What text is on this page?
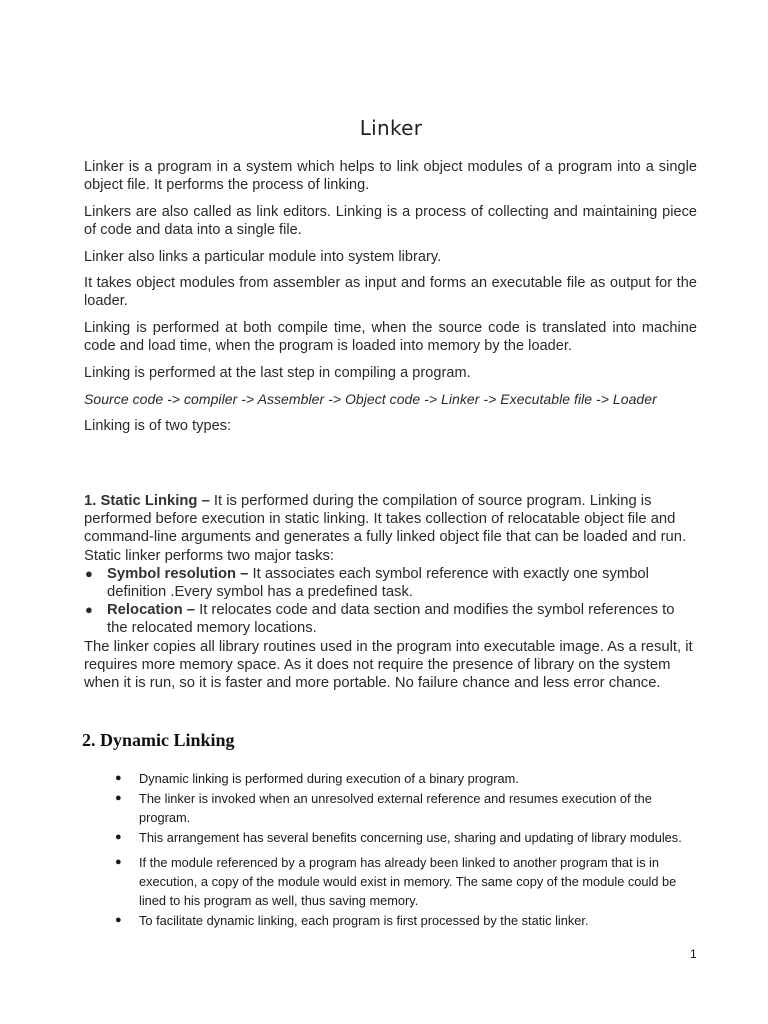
Linker

Linker is a program in a system which helps to link object modules of a program into a single object file. It performs the process of linking.

Linkers are also called as link editors. Linking is a process of collecting and maintaining piece of code and data into a single file.

Linker also links a particular module into system library.

It takes object modules from assembler as input and forms an executable file as output for the loader.

Linking is performed at both compile time, when the source code is translated into machine code and load time, when the program is loaded into memory by the loader.

Linking is performed at the last step in compiling a program.

Source code -> compiler -> Assembler -> Object code -> Linker -> Executable file -> Loader

Linking is of two types:

1. Static Linking – It is performed during the compilation of source program. Linking is performed before execution in static linking. It takes collection of relocatable object file and command-line arguments and generates a fully linked object file that can be loaded and run. Static linker performs two major tasks:
● Symbol resolution – It associates each symbol reference with exactly one symbol definition .Every symbol has a predefined task.
● Relocation – It relocates code and data section and modifies the symbol references to the relocated memory locations.
The linker copies all library routines used in the program into executable image. As a result, it requires more memory space. As it does not require the presence of library on the system when it is run, so it is faster and more portable. No failure chance and less error chance.
2. Dynamic Linking
● Dynamic linking is performed during execution of a binary program.
● The linker is invoked when an unresolved external reference and resumes execution of the program.
● This arrangement has several benefits concerning use, sharing and updating of library modules.
● If the module referenced by a program has already been linked to another program that is in execution, a copy of the module would exist in memory. The same copy of the module could be lined to his program as well, thus saving memory.
● To facilitate dynamic linking, each program is first processed by the static linker.
1
